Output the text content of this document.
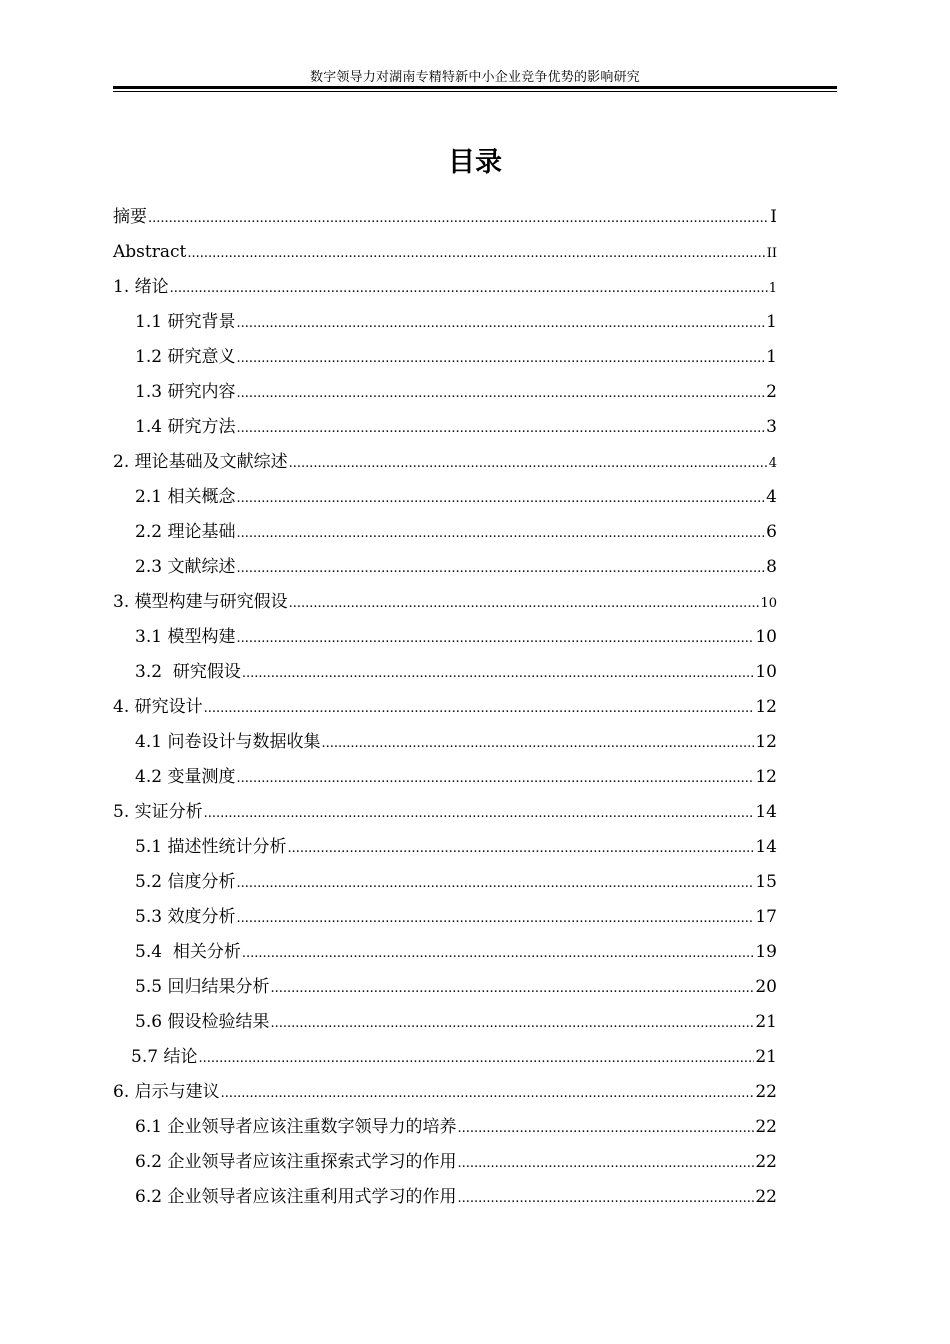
数字领导力对湖南专精特新中小企业竞争优势的影响研究
目录
摘要 .....	Ⅰ
Abstract .....	II
1. 绪论 .....	1
1.1 研究背景 .....	1
1.2 研究意义 .....	1
1.3 研究内容 .....	2
1.4 研究方法 .....	3
2. 理论基础及文献综述 .....	4
2.1 相关概念 .....	4
2.2 理论基础 .....	6
2.3 文献综述 .....	8
3. 模型构建与研究假设 .....	10
3.1 模型构建 .....	10
3.2  研究假设 .....	10
4. 研究设计 .....	12
4.1 问卷设计与数据收集 .....	12
4.2 变量测度 .....	12
5. 实证分析 .....	14
5.1 描述性统计分析 .....	14
5.2 信度分析 .....	15
5.3 效度分析 .....	17
5.4  相关分析 .....	19
5.5 回归结果分析 .....	20
5.6 假设检验结果 .....	21
5.7 结论 .....	21
6. 启示与建议 .....	22
6.1 企业领导者应该注重数字领导力的培养 .....	22
6.2 企业领导者应该注重探索式学习的作用 .....	22
6.2 企业领导者应该注重利用式学习的作用 .....	22
